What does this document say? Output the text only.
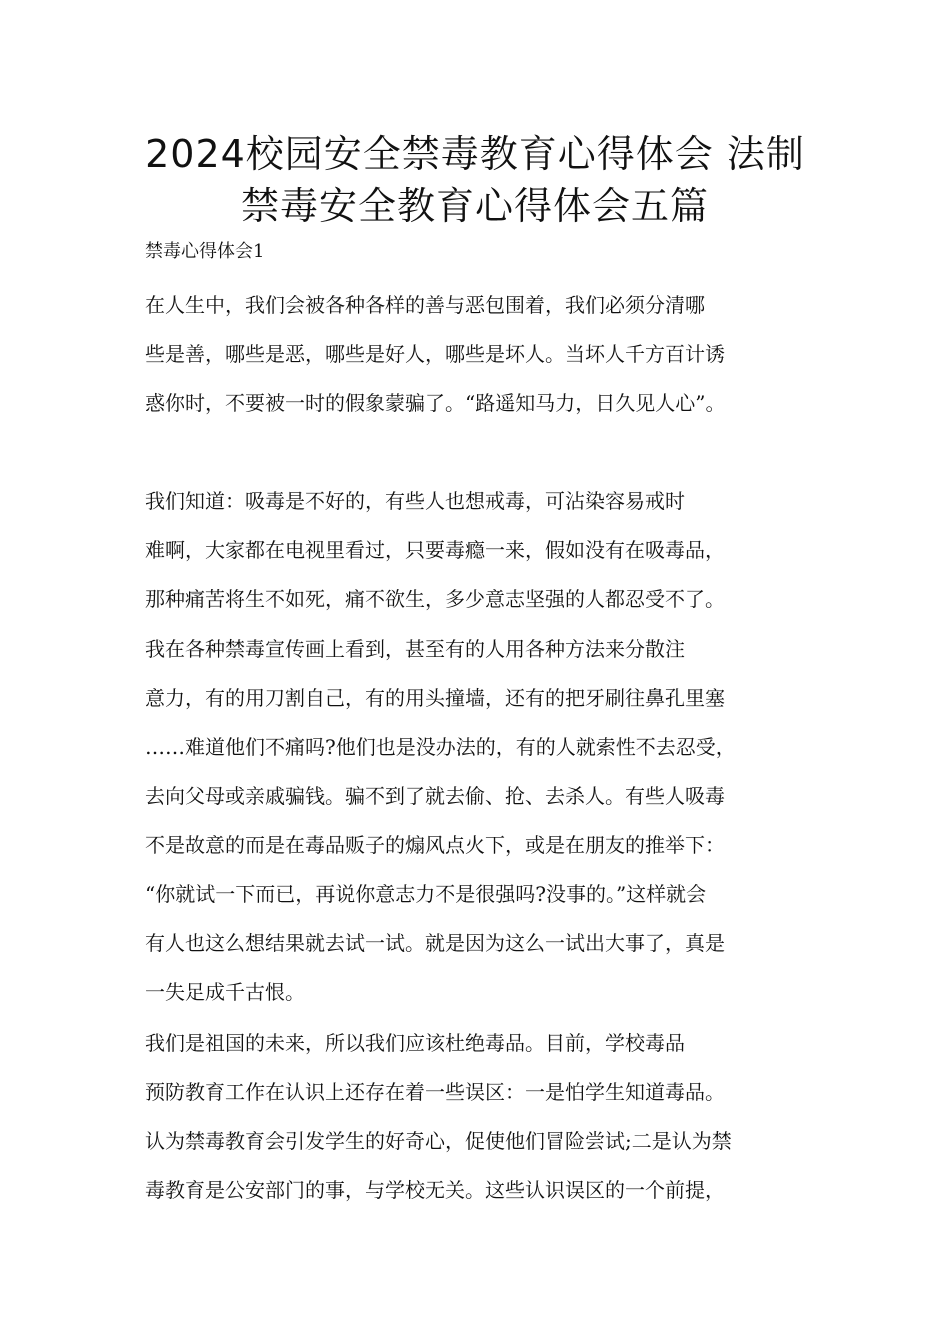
2024校园安全禁毒教育心得体会 法制
禁毒安全教育心得体会五篇
禁毒心得体会1

在人生中，我们会被各种各样的善与恶包围着，我们必须分清哪
些是善，哪些是恶，哪些是好人，哪些是坏人。当坏人千方百计诱
惑你时，不要被一时的假象蒙骗了。“路遥知马力，日久见人心”。

我们知道：吸毒是不好的，有些人也想戒毒，可沾染容易戒时
难啊，大家都在电视里看过，只要毒瘾一来，假如没有在吸毒品，
那种痛苦将生不如死，痛不欲生，多少意志坚强的人都忍受不了。

我在各种禁毒宣传画上看到，甚至有的人用各种方法来分散注
意力，有的用刀割自己，有的用头撞墙，还有的把牙刷往鼻孔里塞
……难道他们不痛吗?他们也是没办法的，有的人就索性不去忍受，
去向父母或亲戚骗钱。骗不到了就去偷、抢、去杀人。有些人吸毒
不是故意的而是在毒品贩子的煽风点火下，或是在朋友的推举下：
“你就试一下而已，再说你意志力不是很强吗?没事的。”这样就会
有人也这么想结果就去试一试。就是因为这么一试出大事了，真是
一失足成千古恨。

我们是祖国的未来，所以我们应该杜绝毒品。目前，学校毒品
预防教育工作在认识上还存在着一些误区：一是怕学生知道毒品。
认为禁毒教育会引发学生的好奇心，促使他们冒险尝试;二是认为禁
毒教育是公安部门的事，与学校无关。这些认识误区的一个前提，
